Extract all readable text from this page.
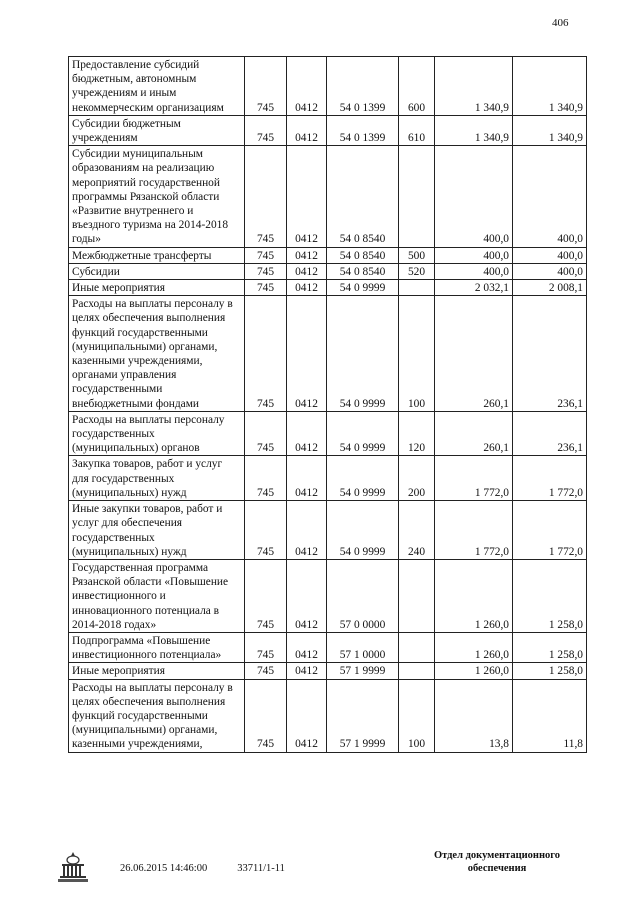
406
Предоставление субсидий бюджетным, автономным учреждениям и иным некоммерческим организациям	745	0412	54 0 1399	600	1 340,9	1 340,9
Субсидии бюджетным учреждениям	745	0412	54 0 1399	610	1 340,9	1 340,9
Субсидии муниципальным образованиям на реализацию мероприятий государственной программы Рязанской области «Развитие внутреннего и въездного туризма на 2014-2018 годы»	745	0412	54 0 8540		400,0	400,0
Межбюджетные трансферты	745	0412	54 0 8540	500	400,0	400,0
Субсидии	745	0412	54 0 8540	520	400,0	400,0
Иные мероприятия	745	0412	54 0 9999		2 032,1	2 008,1
Расходы на выплаты персоналу в целях обеспечения выполнения функций государственными (муниципальными) органами, казенными учреждениями, органами управления государственными внебюджетными фондами	745	0412	54 0 9999	100	260,1	236,1
Расходы на выплаты персоналу государственных (муниципальных) органов	745	0412	54 0 9999	120	260,1	236,1
Закупка товаров, работ и услуг для государственных (муниципальных) нужд	745	0412	54 0 9999	200	1 772,0	1 772,0
Иные закупки товаров, работ и услуг для обеспечения государственных (муниципальных) нужд	745	0412	54 0 9999	240	1 772,0	1 772,0
Государственная программа Рязанской области «Повышение инвестиционного и инновационного потенциала в 2014-2018 годах»	745	0412	57 0 0000		1 260,0	1 258,0
Подпрограмма «Повышение инвестиционного потенциала»	745	0412	57 1 0000		1 260,0	1 258,0
Иные мероприятия	745	0412	57 1 9999		1 260,0	1 258,0
Расходы на выплаты персоналу в целях обеспечения выполнения функций государственными (муниципальными) органами, казенными учреждениями,	745	0412	57 1 9999	100	13,8	11,8
26.06.2015 14:46:00	33711/1-11
Отдел документационного
обеспечения
